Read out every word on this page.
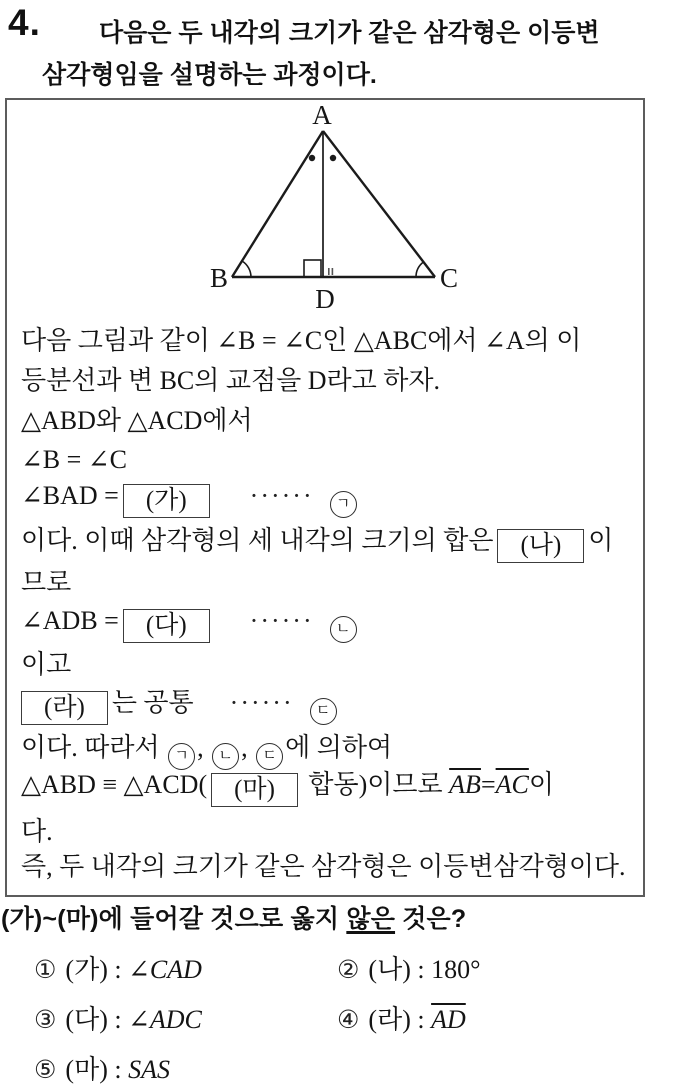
4. 다음은 두 내각의 크기가 같은 삼각형은 이등변
삼각형임을 설명하는 과정이다.
A
B	C
D
다음 그림과 같이 ∠B = ∠C인 △ABC에서 ∠A의 이
등분선과 변 BC의 교점을 D라고 하자.
△ABD와 △ACD에서
∠B = ∠C
∠BAD = (가) ······ ㄱ
이다. 이때 삼각형의 세 내각의 크기의 합은 (나) 이
므로
∠ADB = (다) ······ ㄴ
이고
(라) 는 공통 ······ ㄷ
이다. 따라서 ㄱ , ㄴ , ㄷ 에 의하여
△ABD ≡ △ACD( (마) 합동)이므로 $\overline{AB}=\overline{AC}$이
다.
즉, 두 내각의 크기가 같은 삼각형은 이등변삼각형이다.
(가)~(마)에 들어갈 것으로 옳지 않은 것은?
① (가) : ∠CAD	② (나) : 180°
③ (다) : ∠ADC	④ (라) : $\overline{AD}$
⑤ (마) : SAS
